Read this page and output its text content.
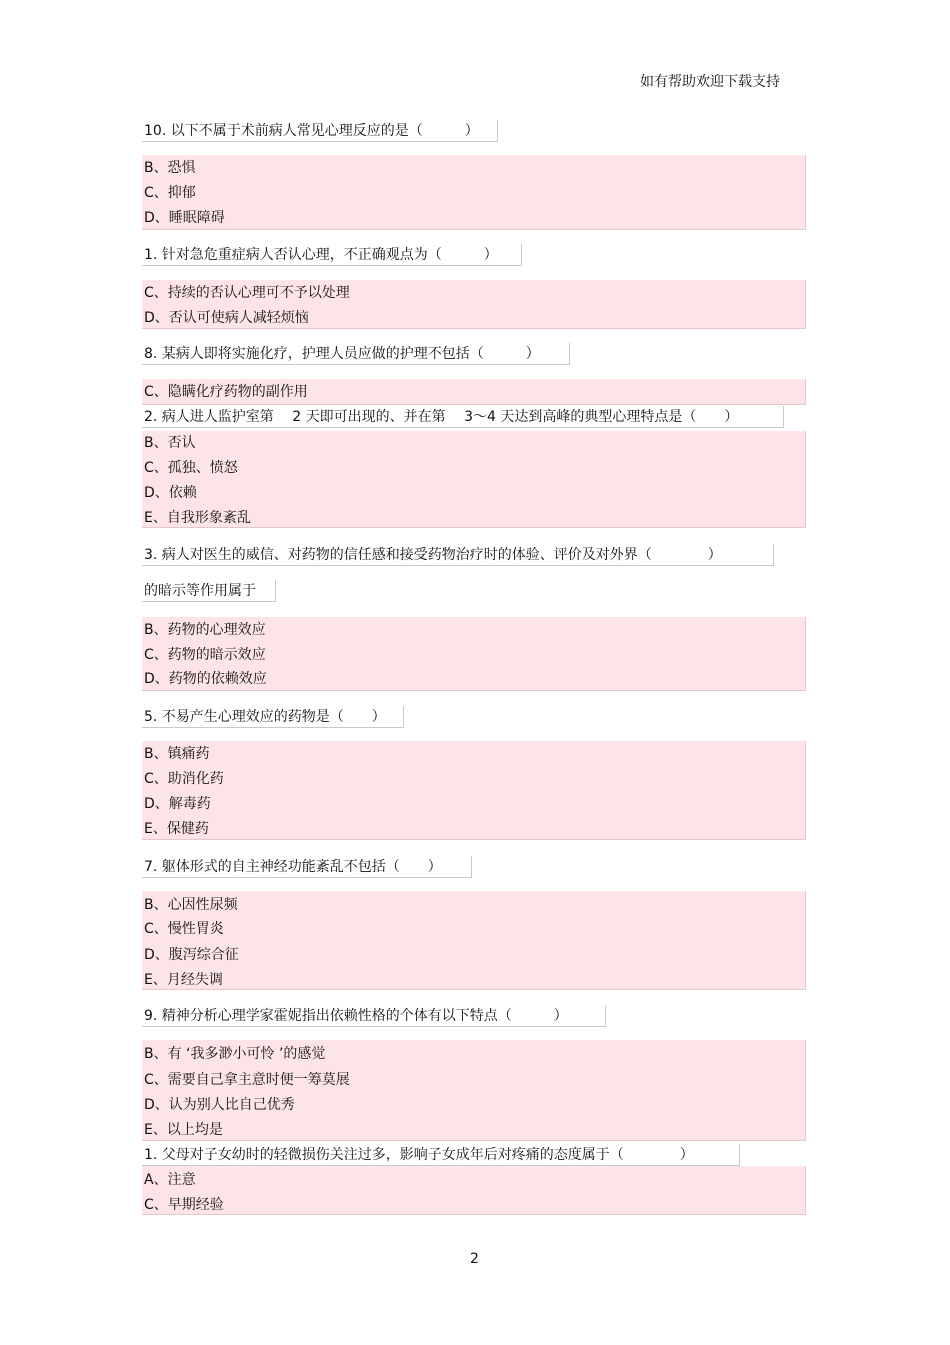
如有帮助欢迎下载支持
10. 以下不属于术前病人常见心理反应的是（　　　）
B、恐惧
C、抑郁
D、睡眠障碍
1. 针对急危重症病人否认心理，不正确观点为（　　　）
C、持续的否认心理可不予以处理
D、否认可使病人减轻烦恼
8. 某病人即将实施化疗，护理人员应做的护理不包括（　　　）
C、隐瞒化疗药物的副作用
2. 病人进人监护室第　 2 天即可出现的、并在第　 3～4 天达到高峰的典型心理特点是（　　）
B、否认
C、孤独、愤怒
D、依赖
E、自我形象紊乱
3. 病人对医生的威信、对药物的信任感和接受药物治疗时的体验、评价及对外界（　　　　）
的暗示等作用属于
B、药物的心理效应
C、药物的暗示效应
D、药物的依赖效应
5. 不易产生心理效应的药物是（　　）
B、镇痛药
C、助消化药
D、解毒药
E、保健药
7. 躯体形式的自主神经功能紊乱不包括（　　）
B、心因性尿频
C、慢性胃炎
D、腹泻综合征
E、月经失调
9. 精神分析心理学家霍妮指出依赖性格的个体有以下特点（　　　）
B、有 ‘我多渺小可怜 ’的感觉
C、需要自己拿主意时便一筹莫展
D、认为别人比自己优秀
E、以上均是
1. 父母对子女幼时的轻微损伤关注过多，影响子女成年后对疼痛的态度属于（　　　　）
A、注意
C、早期经验
2
